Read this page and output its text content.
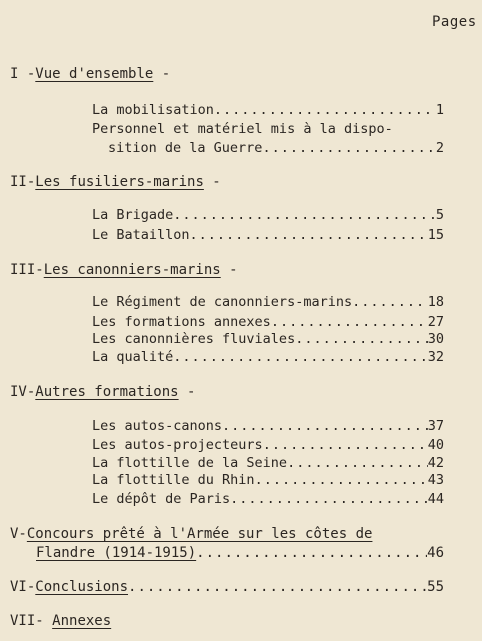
Pages
I -Vue d'ensemble -
La mobilisation .....	1
Personnel et matériel mis à la dispo-
sition de la Guerre .....	2
II-Les fusiliers-marins -
La Brigade .....	5
Le Bataillon .....	15
III-Les canonniers-marins -
Le Régiment de canonniers-marins .....	18
Les formations annexes .....	27
Les canonnières fluviales .....	30
La qualité .....	32
IV-Autres formations -
Les autos-canons .....	37
Les autos-projecteurs .....	40
La flottille de la Seine .....	42
La flottille du Rhin .....	43
Le dépôt de Paris .....	44
V-Concours prêté à l'Armée sur les côtes de
Flandre (1914-1915) .....	46
VI- Conclusions .....	55
VII- Annexes
